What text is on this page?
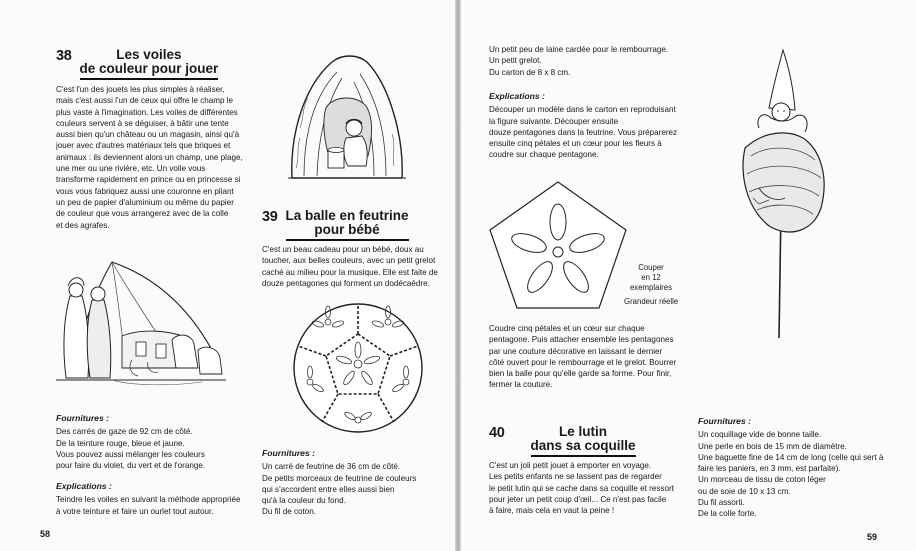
38	Les voiles
de couleur pour jouer

C'est l'un des jouets les plus simples à réaliser,

mais c'est aussi l'un de ceux qui offre le champ le

plus vaste à l'imagination. Les voiles de différentes

couleurs servent à se déguiser, à bâtir une tente

aussi bien qu'un château ou un magasin, ainsi qu'à

jouer avec d'autres matériaux tels que briques et

animaux : ils deviennent alors un champ, une plage,

une mer ou une rivière, etc. Un voile vous

transforme rapidement en prince ou en princesse si

vous vous fabriquez aussi une couronne en pliant

un peu de papier d'aluminium ou même du papier

de couleur que vous arrangerez avec de la colle

et des agrafes.

Fournitures :

Des carrés de gaze de 92 cm de côté.

De la teinture rouge, bleue et jaune.

Vous pouvez aussi mélanger les couleurs

pour faire du violet, du vert et de l'orange.

Explications :

Teindre les voiles en suivant la méthode appropriée

à votre teinture et faire un ourlet tout autour.

39 La balle en feutrine
pour bébé

C'est un beau cadeau pour un bébé, doux au

toucher, aux belles couleurs, avec un petit grelot

caché au milieu pour la musique. Elle est faite de

douze pentagones qui forment un dodécaèdre.

Fournitures :

Un carré de feutrine de 36 cm de côté.

De petits morceaux de feutrine de couleurs

qui s'accordent entre elles aussi bien

qu'à la couleur du fond.

Du fil de coton.

58

Un petit peu de laine cardée pour le rembourrage.

Un petit grelot.

Du carton de 8 x 8 cm.

Explications :

Découper un modèle dans le carton en reproduisant

la figure suivante. Découper ensuite

douze pentagones dans la feutrine. Vous préparerez

ensuite cinq pétales et un cœur pour les fleurs à

coudre sur chaque pentagone.

Couper

en 12

exemplaires

Grandeur réelle

Coudre cinq pétales et un cœur sur chaque

pentagone. Puis attacher ensemble les pentagones

par une couture décorative en laissant le dernier

côté ouvert pour le rembourrage et le grelot. Bourrer

bien la balle pour qu'elle garde sa forme. Pour finir,

fermer la couture.

40	Le lutin
dans sa coquille

C'est un joli petit jouet à emporter en voyage.

Les petits enfants ne se lassent pas de regarder

le petit lutin qui se cache dans sa coquille et ressort

pour jeter un petit coup d'œil... Ce n'est pas facile

à faire, mais cela en vaut la peine !

Fournitures :

Un coquillage vide de bonne taille.

Une perle en bois de 15 mm de diamètre.

Une baguette fine de 14 cm de long (celle qui sert à

faire les paniers, en 3 mm, est parfaite).

Un morceau de tissu de coton léger

ou de soie de 10 x 13 cm.

Du fil assorti.

De la colle forte.

59
